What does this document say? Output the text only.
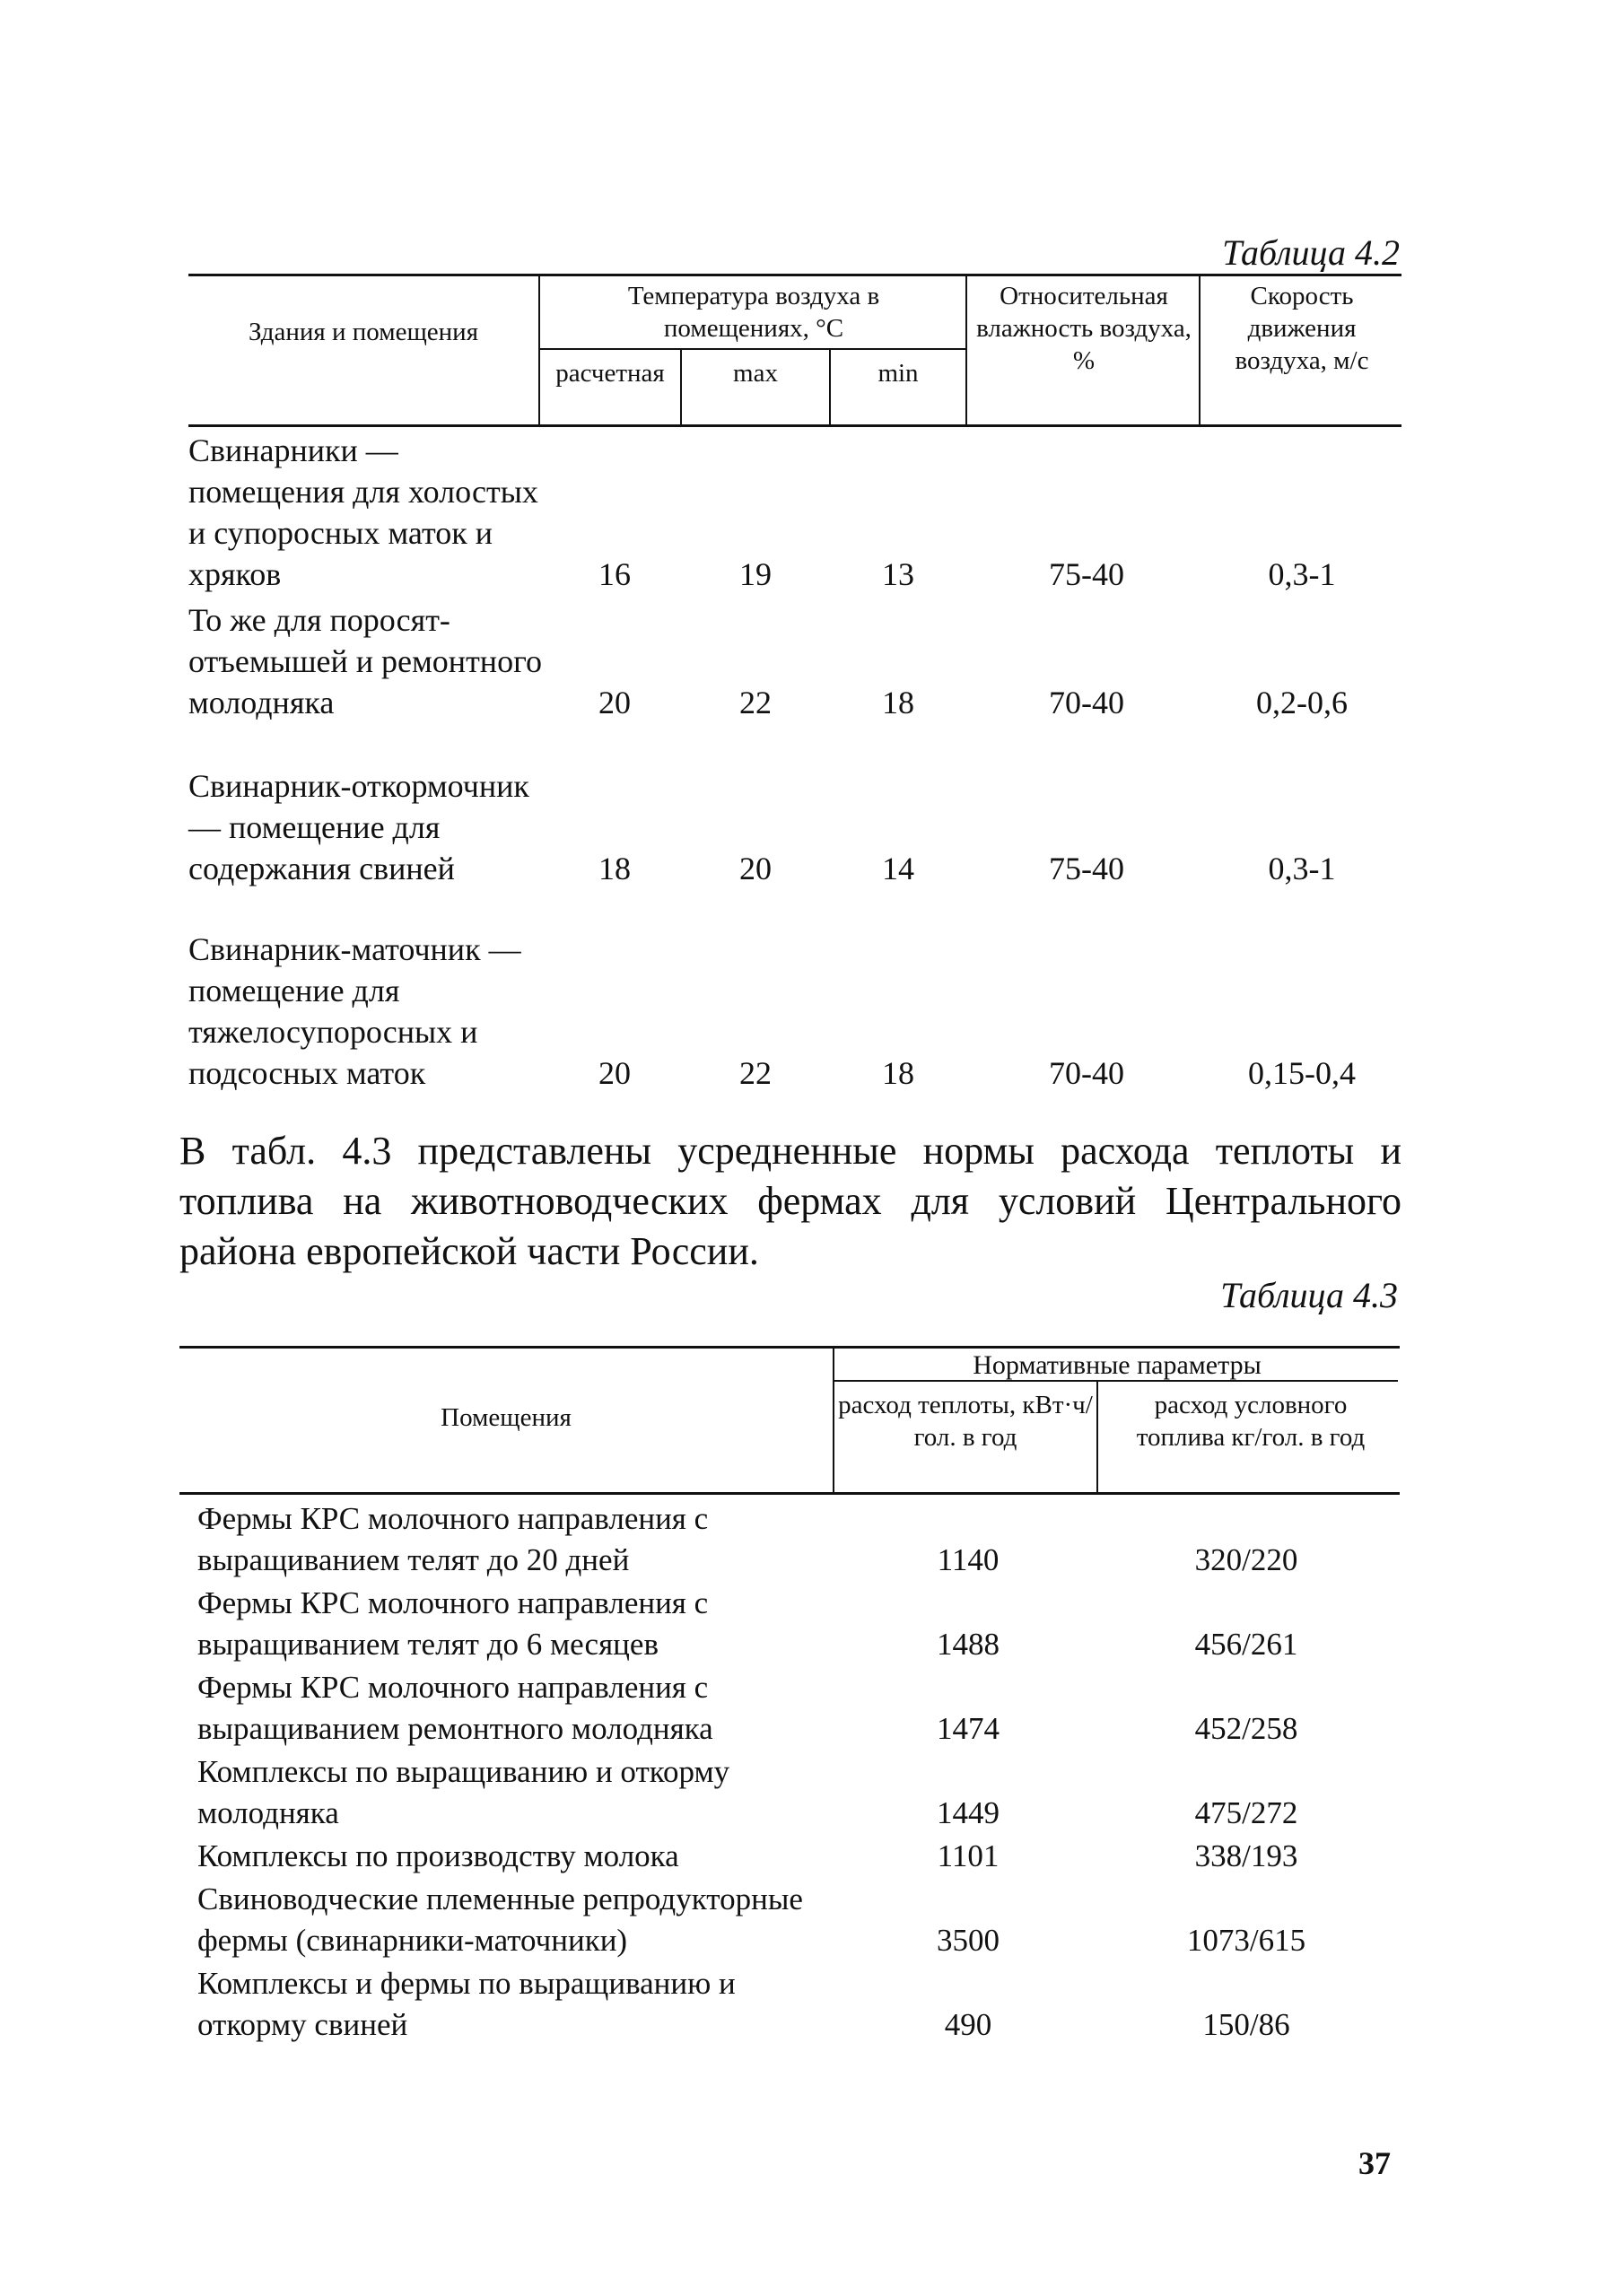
Таблица 4.2
Здания и помещения
Температура воздуха в помещениях, °С
расчетная	max	min
Относительная влажность воздуха, %
Скорость движения воздуха, м/с
Свинарники — помещения для холостых и супоросных маток и хряков	16	19	13	75-40	0,3-1
То же для поросят-отъемышей и ремонтного молодняка	20	22	18	70-40	0,2-0,6
Свинарник-откормочник — помещение для содержания свиней	18	20	14	75-40	0,3-1
Свинарник-маточник — помещение для тяжелосупоросных и подсосных маток	20	22	18	70-40	0,15-0,4
В табл. 4.3 представлены усредненные нормы расхода теплоты и топлива на животноводческих фермах для условий Центрального района европейской части России.
Таблица 4.3
Помещения
Нормативные параметры
расход теплоты, кВт·ч/гол. в год
расход условного топлива кг/гол. в год
Фермы КРС молочного направления с выращиванием телят до 20 дней	1140	320/220
Фермы КРС молочного направления с выращиванием телят до 6 месяцев	1488	456/261
Фермы КРС молочного направления с выращиванием ремонтного молодняка	1474	452/258
Комплексы по выращиванию и откорму молодняка	1449	475/272
Комплексы по производству молока	1101	338/193
Свиноводческие племенные репродукторные фермы (свинарники-маточники)	3500	1073/615
Комплексы и фермы по выращиванию и откорму свиней	490	150/86
37
